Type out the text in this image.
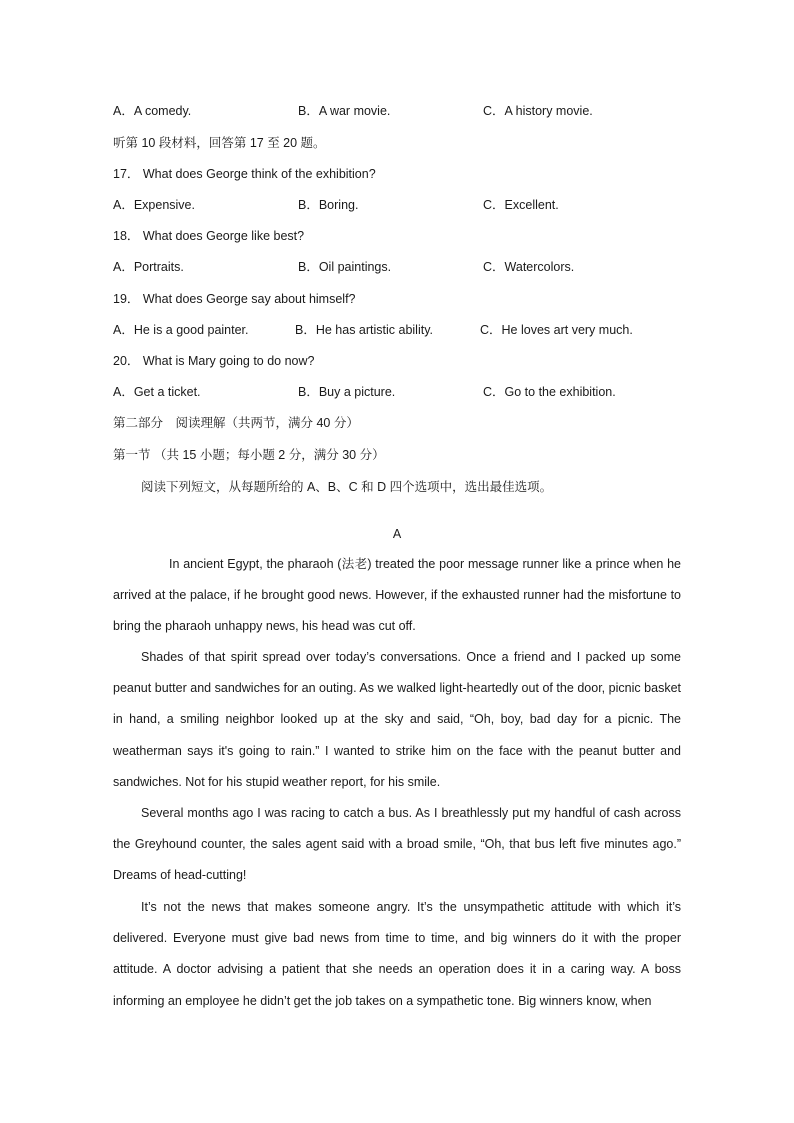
A．A comedy.	B．A war movie.	C．A history movie.
听第 10 段材料，回答第 17 至 20 题。
17． What does George think of the exhibition?
A．Expensive.	B．Boring.	C．Excellent.
18． What does George like best?
A．Portraits.	B．Oil paintings.	C．Watercolors.
19． What does George say about himself?
A．He is a good painter.	B．He has artistic ability.	C．He loves art very much.
20． What is Mary going to do now?
A．Get a ticket.	B．Buy a picture.	C．Go to the exhibition.
第二部分　阅读理解（共两节，满分 40 分）
第一节 （共 15 小题；每小题 2 分，满分 30 分）
阅读下列短文，从每题所给的 A、B、C 和 D 四个选项中，选出最佳选项。
A

In ancient Egypt, the pharaoh (法老) treated the poor message runner like a prince when he arrived at the palace, if he brought good news. However, if the exhausted runner had the misfortune to bring the pharaoh unhappy news, his head was cut off.

Shades of that spirit spread over today’s conversations. Once a friend and I packed up some peanut butter and sandwiches for an outing. As we walked light-heartedly out of the door, picnic basket in hand, a smiling neighbor looked up at the sky and said, “Oh, boy, bad day for a picnic. The weatherman says it's going to rain.” I wanted to strike him on the face with the peanut butter and sandwiches. Not for his stupid weather report, for his smile.

Several months ago I was racing to catch a bus. As I breathlessly put my handful of cash across the Greyhound counter, the sales agent said with a broad smile, “Oh, that bus left five minutes ago.” Dreams of head-cutting!

It’s not the news that makes someone angry. It’s the unsympathetic attitude with which it’s delivered. Everyone must give bad news from time to time, and big winners do it with the proper attitude. A doctor advising a patient that she needs an operation does it in a caring way. A boss informing an employee he didn’t get the job takes on a sympathetic tone. Big winners know, when
